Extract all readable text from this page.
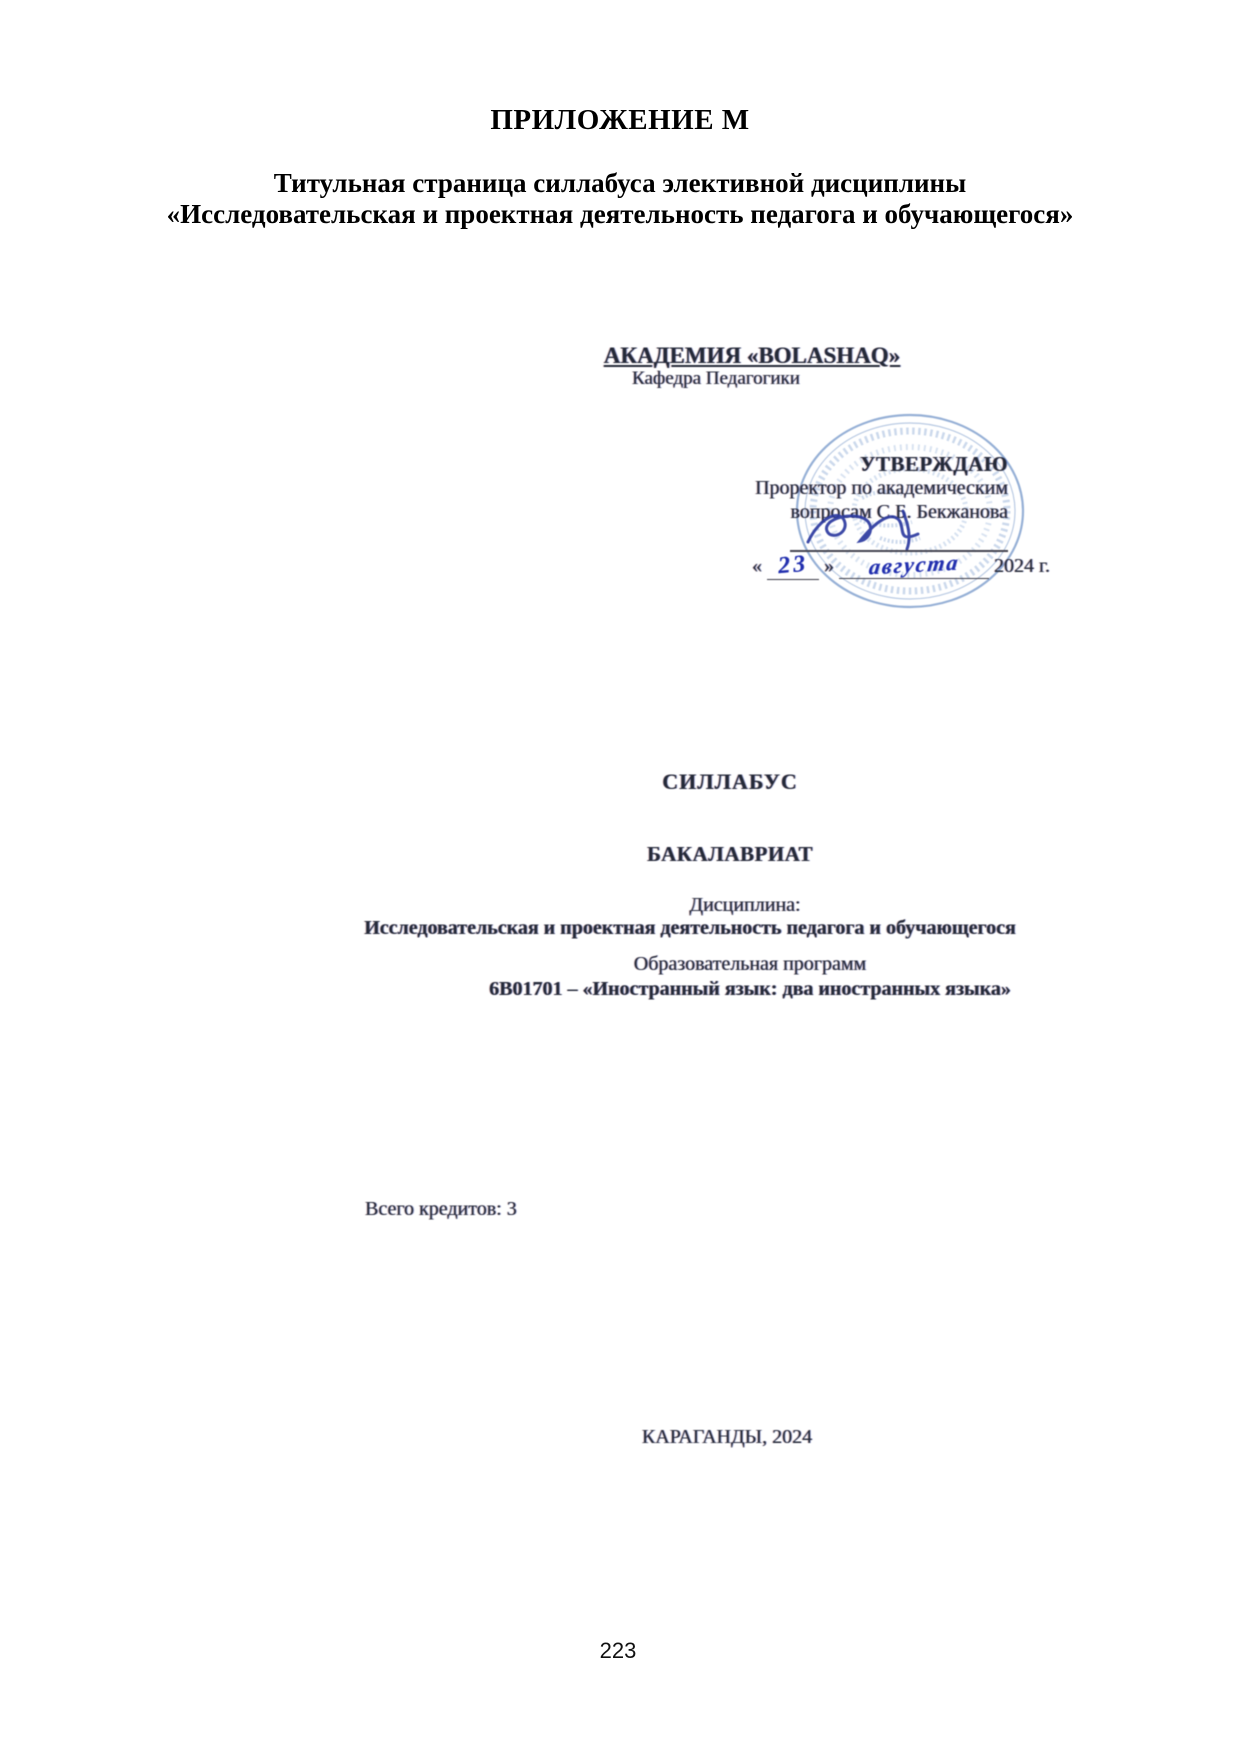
ПРИЛОЖЕНИЕ М
Титульная страница силлабуса элективной дисциплины
«Исследовательская и проектная деятельность педагога и обучающегося»
АКАДЕМИЯ «BOLASHAQ»
Кафедра Педагогики
УТВЕРЖДАЮ
Проректор по академическим
вопросам С.Б. Бекжанова
« 23 » августа 2024 г.
СИЛЛАБУС
БАКАЛАВРИАТ
Дисциплина:
Исследовательская и проектная деятельность педагога и обучающегося
Образовательная программ
6В01701 – «Иностранный язык: два иностранных языка»
Всего кредитов: 3
КАРАГАНДЫ, 2024
223
